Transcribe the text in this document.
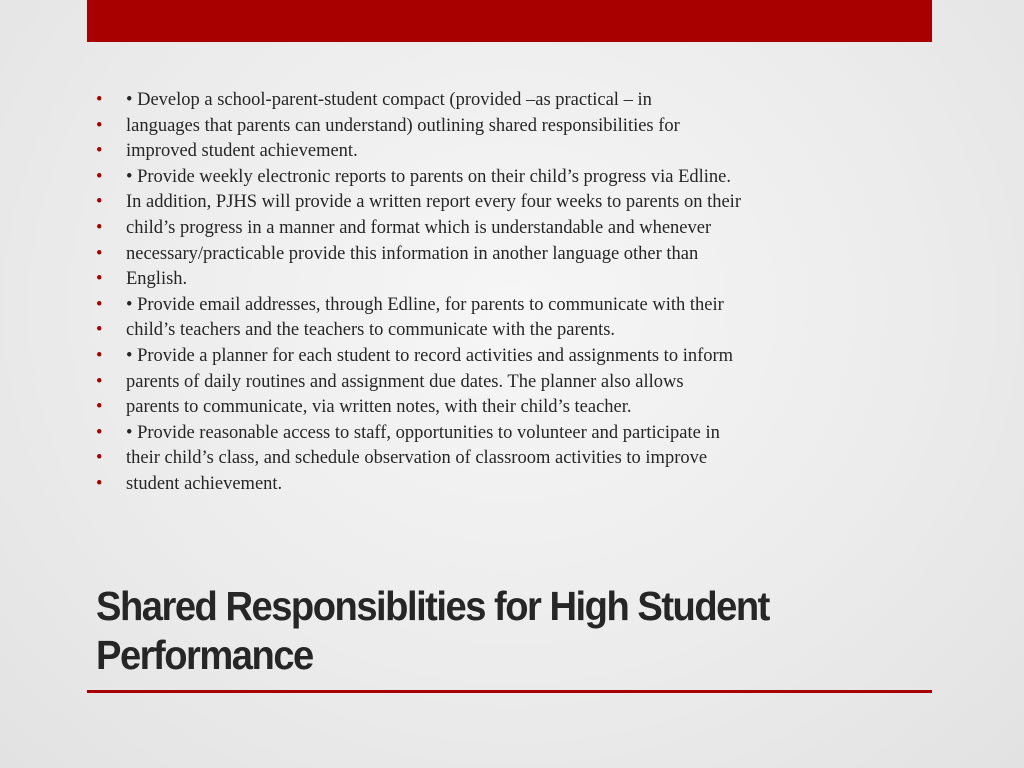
•	• Develop a school-parent-student compact (provided –as practical – in
•	languages that parents can understand) outlining shared responsibilities for
•	improved student achievement.
•	• Provide weekly electronic reports to parents on their child’s progress via Edline.
•	In addition, PJHS will provide a written report every four weeks to parents on their
•	child’s progress in a manner and format which is understandable and whenever
•	necessary/practicable provide this information in another language other than
•	English.
•	• Provide email addresses, through Edline, for parents to communicate with their
•	child’s teachers and the teachers to communicate with the parents.
•	• Provide a planner for each student to record activities and assignments to inform
•	parents of daily routines and assignment due dates. The planner also allows
•	parents to communicate, via written notes, with their child’s teacher.
•	• Provide reasonable access to staff, opportunities to volunteer and participate in
•	their child’s class, and schedule observation of classroom activities to improve
•	student achievement.
Shared Responsiblities for High Student
Performance
